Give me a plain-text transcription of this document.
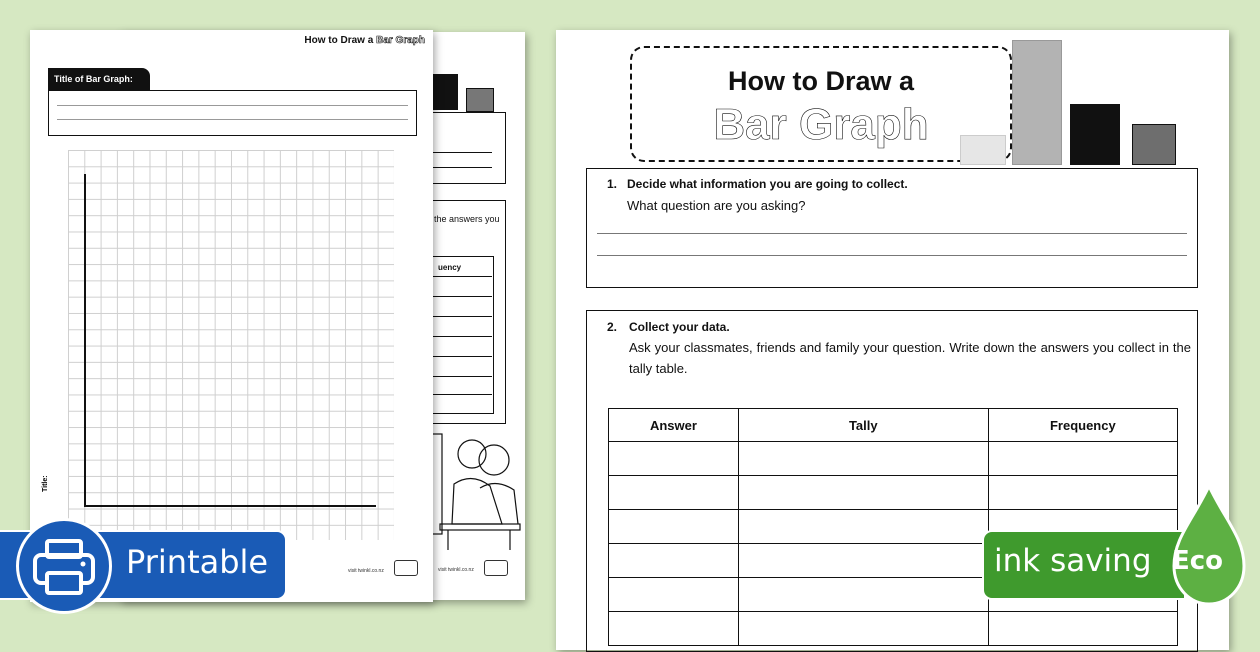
the answers you
uency
visit twinkl.co.nz
How to Draw a Bar Graph
Title of Bar Graph:
Title:
visit twinkl.co.nz
How to Draw a
Bar Graph
1. Decide what information you are going to collect.
What question are you asking?
2. Collect your data.
Ask your classmates, friends and family your question. Write down the answers you collect in the tally table.
Answer	Tally	Frequency

Printable	ink saving Eco
